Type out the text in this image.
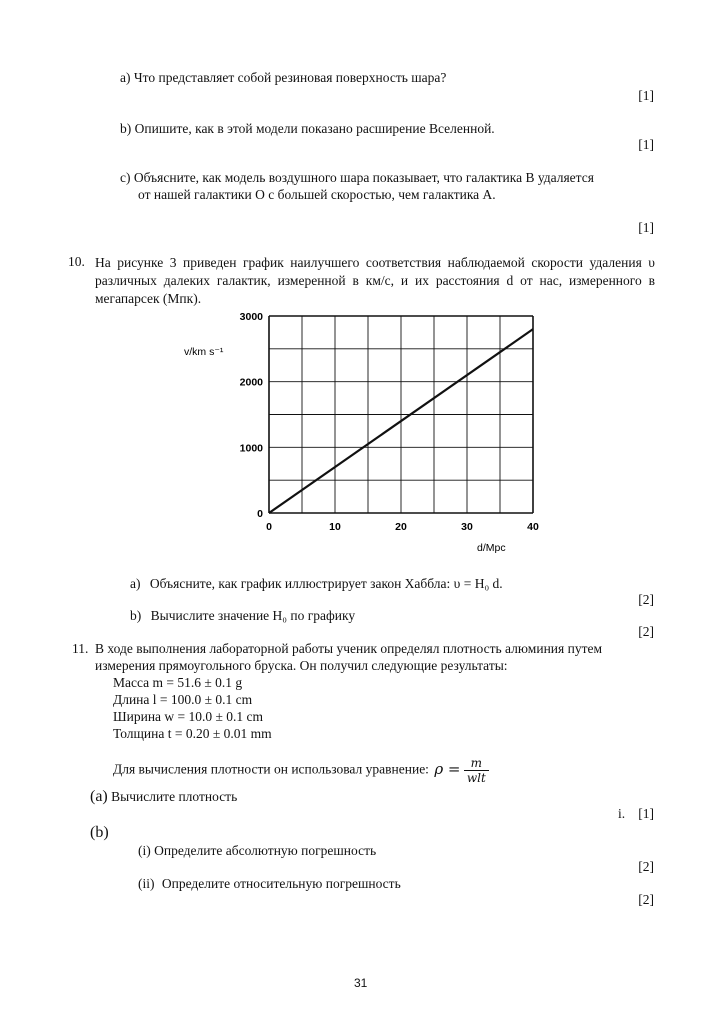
a) Что представляет собой резиновая поверхность шара?
[1]
b) Опишите, как в этой модели показано расширение Вселенной.
[1]
c) Объясните, как модель воздушного шара показывает, что галактика В удаляется
от нашей галактики О с большей скоростью, чем галактика А.
[1]
10. На рисунке 3 приведен график наилучшего соответствия наблюдаемой скорости удаления υ различных далеких галактик, измеренной в км/с, и их расстояния d от нас, измеренного в мегапарсек (Мпк).
0	10	20	30	40
0
1000
2000
3000
v/km s⁻¹
d/Mpc
a) Объясните, как график иллюстрирует закон Хаббла: υ = H₀ d.
[2]
b) Вычислите значение H₀ по графику
[2]
11. В ходе выполнения лабораторной работы ученик определял плотность алюминия путем
измерения прямоугольного бруска. Он получил следующие результаты:
Масса m = 51.6 ± 0.1 g
Длина l = 100.0 ± 0.1 cm
Ширина w = 10.0 ± 0.1 cm
Толщина t = 0.20 ± 0.01 mm
Для вычисления плотности он использовал уравнение: $\rho = \frac{m}{\text{wlt}}$
(a) Вычислите плотность
i. [1]
(b)
(i) Определите абсолютную погрешность
[2]
(ii) Определите относительную погрешность
[2]
31
